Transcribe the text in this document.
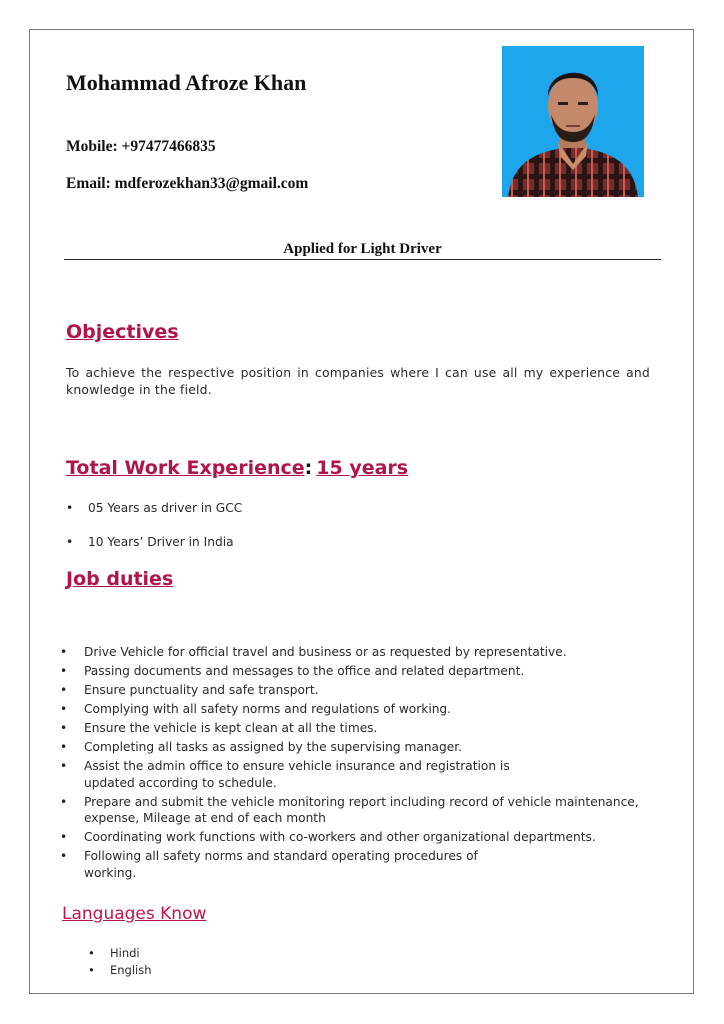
Mohammad Afroze Khan
Mobile: +97477466835
Email: mdferozekhan33@gmail.com
Applied for Light Driver
Objectives
To achieve the respective position in companies where I can use all my experience and knowledge in the field.
Total Work Experience: 15 years
• 05 Years as driver in GCC
• 10 Years’ Driver in India
Job duties
• Drive Vehicle for official travel and business or as requested by representative.
• Passing documents and messages to the office and related department.
• Ensure punctuality and safe transport.
• Complying with all safety norms and regulations of working.
• Ensure the vehicle is kept clean at all the times.
• Completing all tasks as assigned by the supervising manager.
• Assist the admin office to ensure vehicle insurance and registration is updated according to schedule.
• Prepare and submit the vehicle monitoring report including record of vehicle maintenance, expense, Mileage at end of each month
• Coordinating work functions with co-workers and other organizational departments.
• Following all safety norms and standard operating procedures of working.
Languages Know
• Hindi
• English
